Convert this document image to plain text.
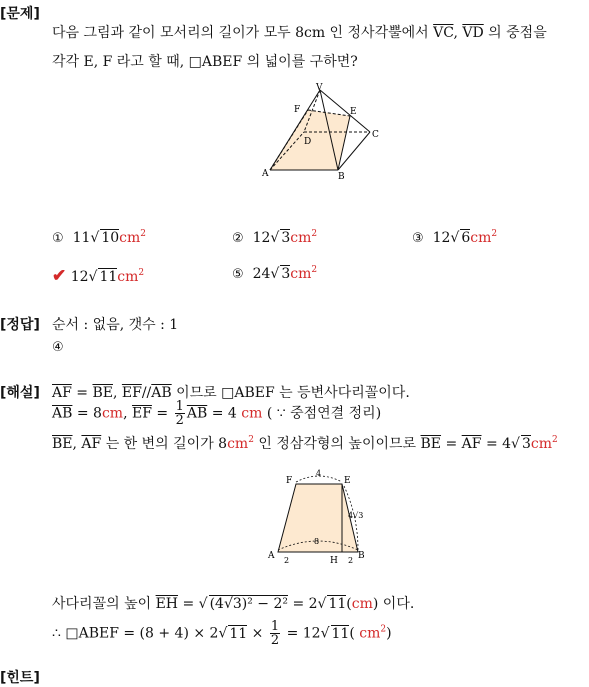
[문제]
[정답]
[해설]
[힌트]
다음 그림과 같이 모서리의 길이가 모두 8cm 인 정사각뿔에서 $\overline{VC}$, $\overline{VD}$ 의 중점을
각각 E, F 라고 할 때, □ABEF 의 넓이를 구하면?
V
F	E
D
C
A	B
① 11√ $10cm^2$	② 12√ $3cm^2$	③ 12√ $6cm^2$
✔ 12√ $11cm^2$	⑤ 24√ $3cm^2$
순서 : 없음, 갯수 : 1
④
$\overline{AF} = \overline{BE}$, $\overline{EF}//\overline{AB}$ 이므로 □ABEF 는 등변사다리꼴이다.
$\overline{AB} = 8cm$, $\overline{EF} = \frac{1}{2} \overline{AB} = 4$ cm ( ∵ 중점연결 정리)
$\overline{BE}$, $\overline{AF}$ 는 한 변의 길이가 $8cm^2$ 인 정삼각형의 높이이므로 $\overline{BE} = \overline{AF} = 4√$ $3cm^2$
F	E
A	B
H
4
4√3
8
2	2
사다리꼴의 높이 $\overline{EH}$ = √ (4√3)² − 2² = 2√ 11(cm) 이다.
∴ □ABEF = (8 + 4) × 2√ $11 \times \frac{1}{2} = 12√$ 11( $cm^2$)
